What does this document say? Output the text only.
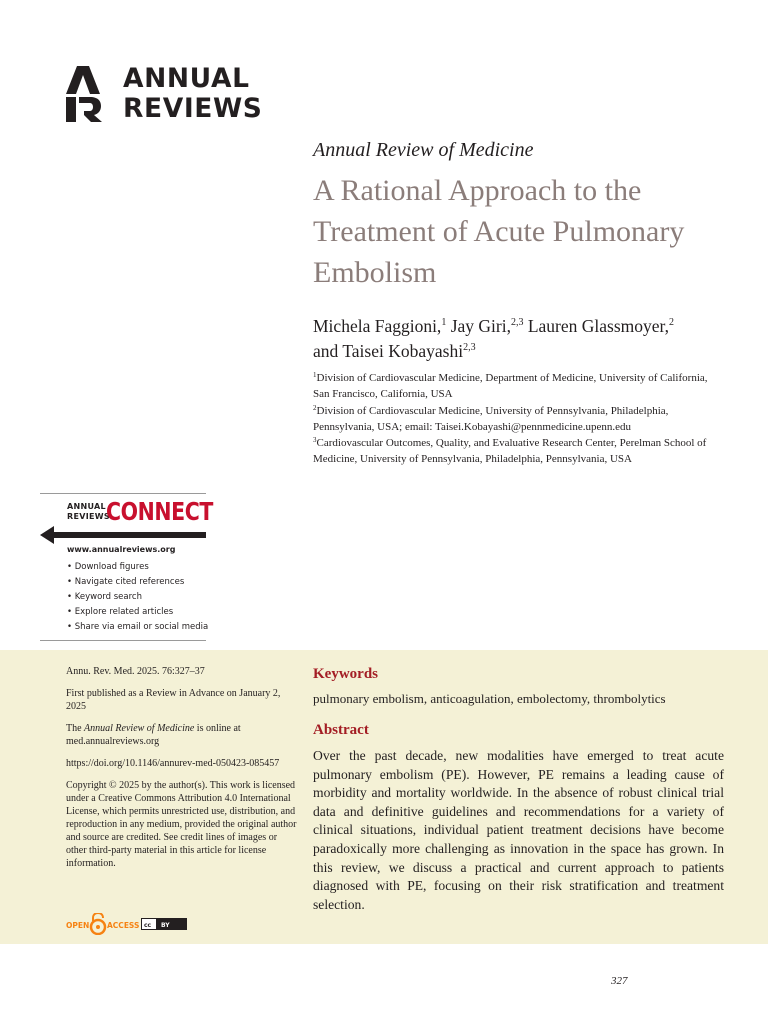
ANNUAL
REVIEWS
Annual Review of Medicine
A Rational Approach to the Treatment of Acute Pulmonary Embolism
Michela Faggioni,$^1$ Jay Giri,$^{2,3}$ Lauren Glassmoyer,$^2$
and Taisei Kobayashi$^{2,3}$
$^1$Division of Cardiovascular Medicine, Department of Medicine, University of California, San Francisco, California, USA
$^2$Division of Cardiovascular Medicine, University of Pennsylvania, Philadelphia, Pennsylvania, USA; email: Taisei.Kobayashi@pennmedicine.upenn.edu
$^3$Cardiovascular Outcomes, Quality, and Evaluative Research Center, Perelman School of Medicine, University of Pennsylvania, Philadelphia, Pennsylvania, USA
ANNUAL
REVIEWS
CONNECT
www.annualreviews.org
• Download figures
• Navigate cited references
• Keyword search
• Explore related articles
• Share via email or social media

Annu. Rev. Med. 2025. 76:327–37

First published as a Review in Advance on January 2, 2025

The Annual Review of Medicine is online at med.annualreviews.org

https://doi.org/10.1146/annurev-med-050423-085457

Copyright © 2025 by the author(s). This work is licensed under a Creative Commons Attribution 4.0 International License, which permits unrestricted use, distribution, and reproduction in any medium, provided the original author and source are credited. See credit lines of images or other third-party material in this article for license information.

OPEN ACCESS cc BY
Keywords
pulmonary embolism, anticoagulation, embolectomy, thrombolytics
Abstract
Over the past decade, new modalities have emerged to treat acute pulmonary embolism (PE). However, PE remains a leading cause of morbidity and mortality worldwide. In the absence of robust clinical trial data and definitive guidelines and recommendations for a variety of clinical situations, individual patient treatment decisions have become paradoxically more challenging as innovation in the space has grown. In this review, we discuss a practical and current approach to patients diagnosed with PE, focusing on their risk stratification and treatment selection.
327
